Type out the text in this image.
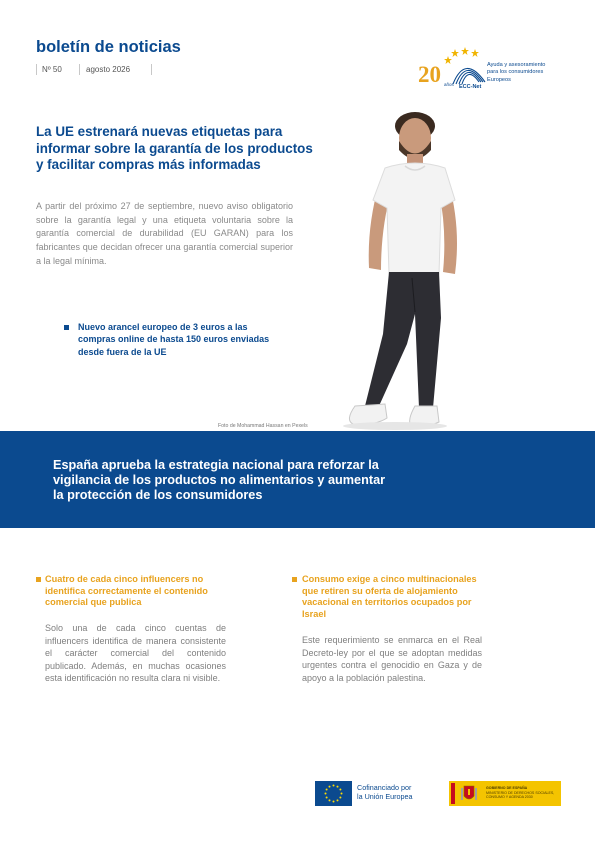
boletín de noticias
Nº 50	agosto 2026	20 años ECC-Net
Ayuda y asesoramiento
para los consumidores
Europeos
La UE estrenará nuevas etiquetas para informar sobre la garantía de los productos y facilitar compras más informadas

A partir del próximo 27 de septiembre, nuevo aviso obligatorio sobre la garantía legal y una etiqueta voluntaria sobre la garantía comercial de durabilidad (EU GARAN) para los fabricantes que decidan ofrecer una garantía comercial superior a la legal mínima.

Nuevo arancel europeo de 3 euros a las compras online de hasta 150 euros enviadas desde fuera de la UE
Foto de Mohammad Hassan en Pexels
España aprueba la estrategia nacional para reforzar la vigilancia de los productos no alimentarios y aumentar la protección de los consumidores
Cuatro de cada cinco influencers no identifica correctamente el contenido comercial que publica

Solo una de cada cinco cuentas de influencers identifica de manera consistente el carácter comercial del contenido publicado. Además, en muchas ocasiones esta identificación no resulta clara ni visible.

Consumo exige a cinco multinacionales que retiren su oferta de alojamiento vacacional en territorios ocupados por Israel

Este requerimiento se enmarca en el Real Decreto-ley por el que se adoptan medidas urgentes contra el genocidio en Gaza y de apoyo a la población palestina.

Cofinanciado por
la Unión Europea
GOBIERNO DE ESPAÑA
MINISTERIO DE DERECHOS SOCIALES, CONSUMO Y AGENDA 2030
